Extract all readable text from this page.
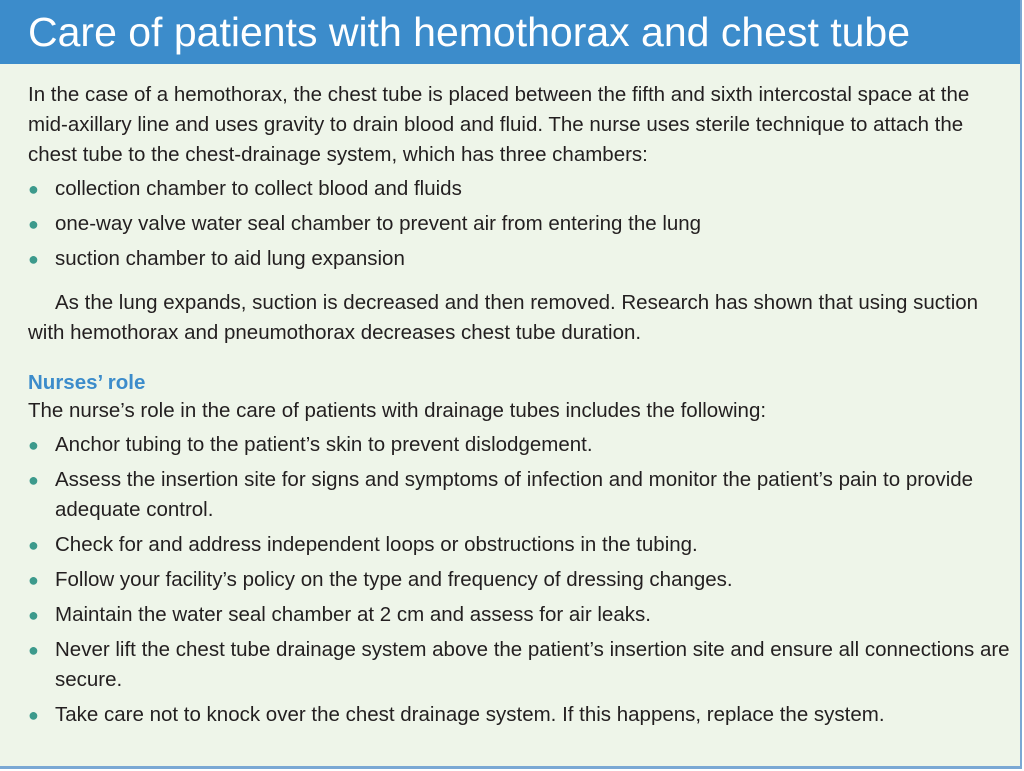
Care of patients with hemothorax and chest tube

In the case of a hemothorax, the chest tube is placed between the fifth and sixth intercostal space at the mid-axillary line and uses gravity to drain blood and fluid. The nurse uses sterile technique to attach the chest tube to the chest-drainage system, which has three chambers:

● collection chamber to collect blood and fluids
● one-way valve water seal chamber to prevent air from entering the lung
● suction chamber to aid lung expansion

As the lung expands, suction is decreased and then removed. Research has shown that using suction with hemothorax and pneumothorax decreases chest tube duration.

Nurses’ role

The nurse’s role in the care of patients with drainage tubes includes the following:

● Anchor tubing to the patient’s skin to prevent dislodgement.
● Assess the insertion site for signs and symptoms of infection and monitor the patient’s pain to provide adequate control.
● Check for and address independent loops or obstructions in the tubing.
● Follow your facility’s policy on the type and frequency of dressing changes.
● Maintain the water seal chamber at 2 cm and assess for air leaks.
● Never lift the chest tube drainage system above the patient’s insertion site and ensure all connections are secure.
● Take care not to knock over the chest drainage system. If this happens, replace the system.
